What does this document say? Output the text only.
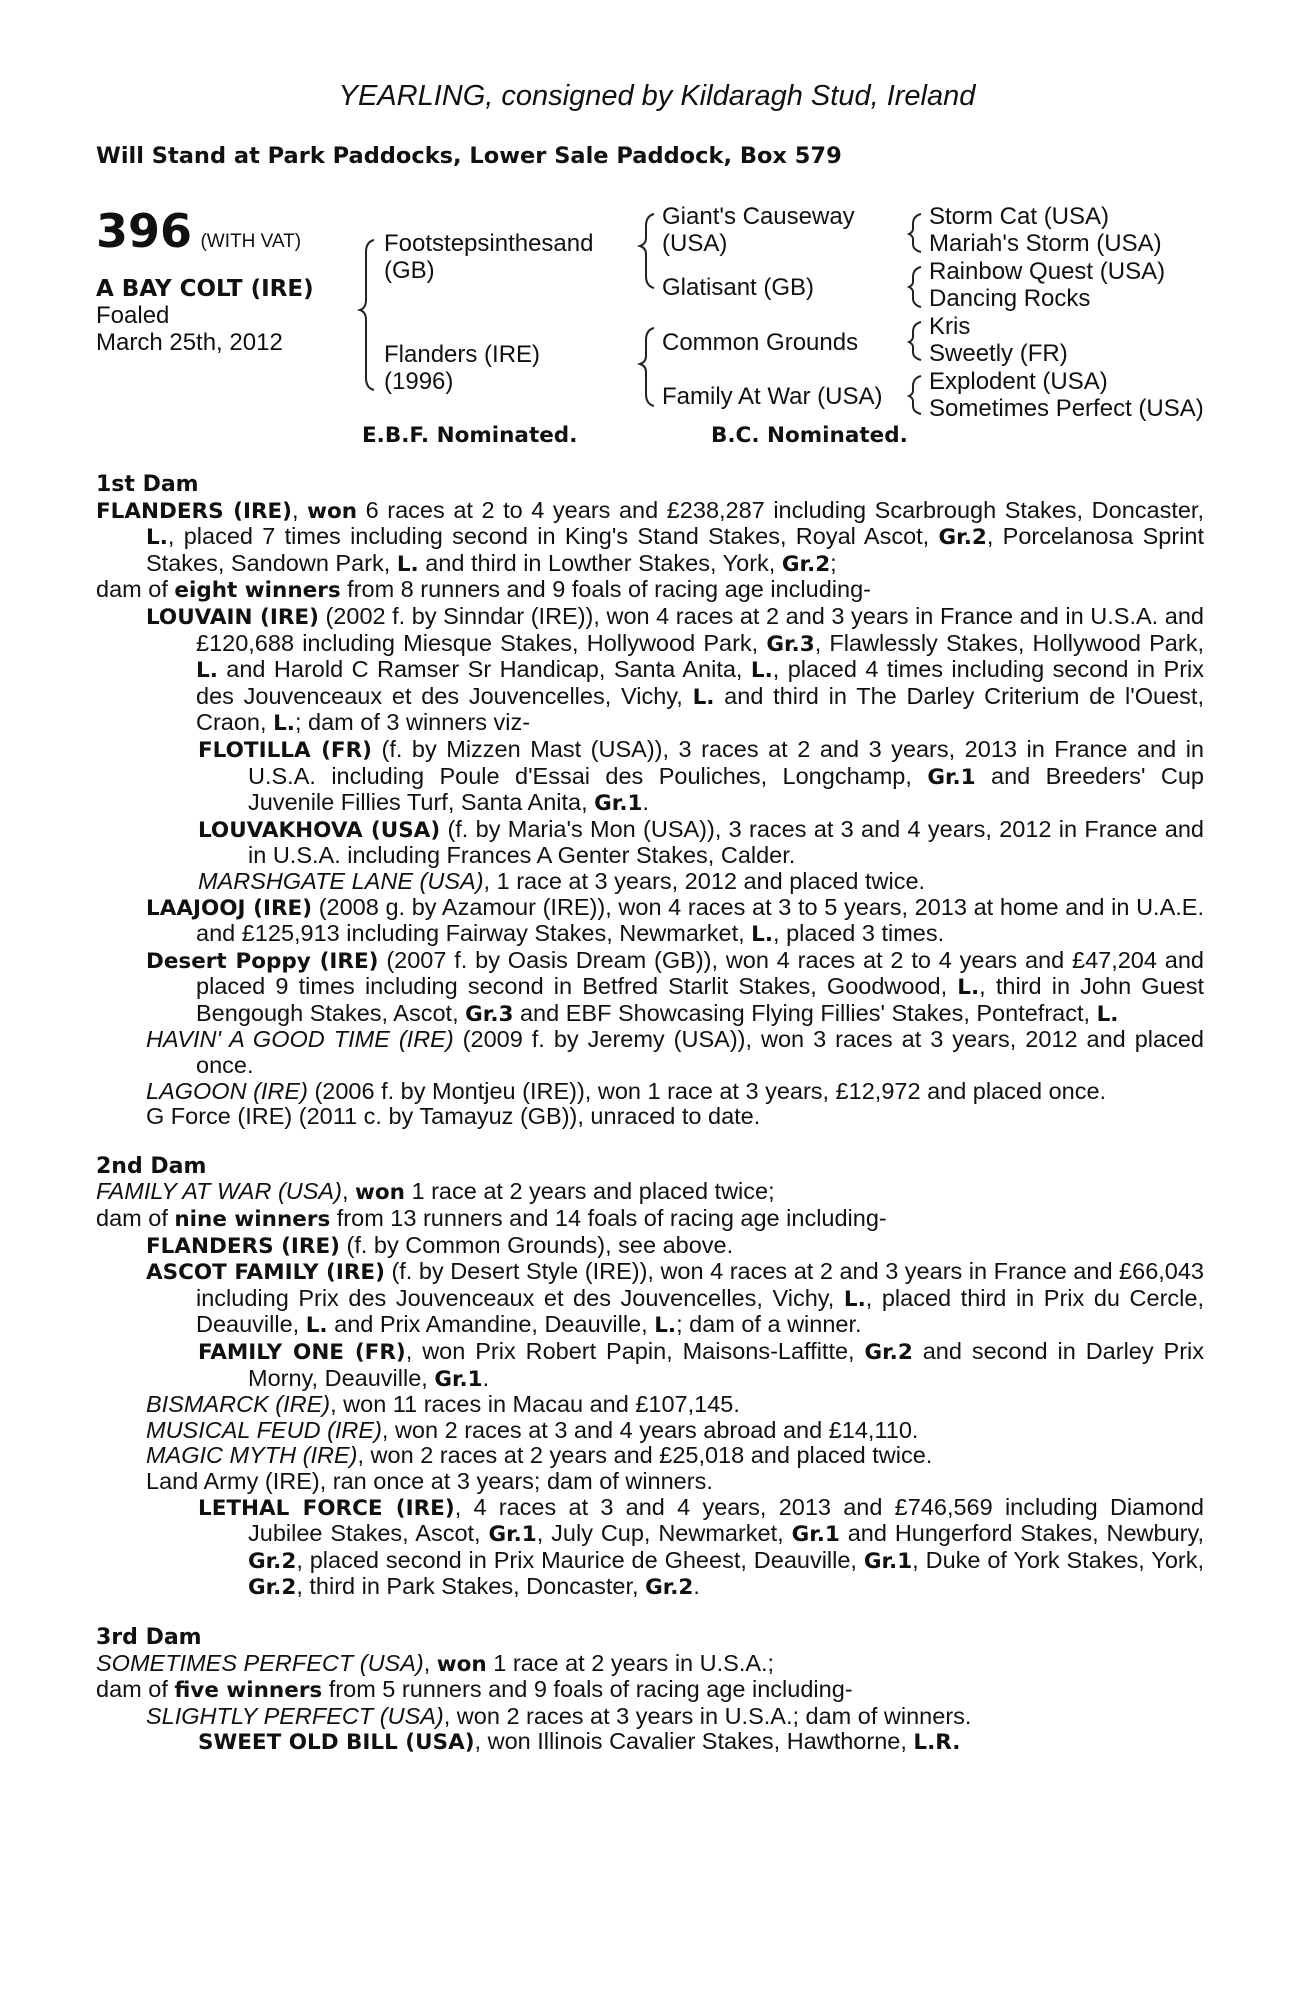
YEARLING, consigned by Kildaragh Stud, Ireland
Will Stand at Park Paddocks, Lower Sale Paddock, Box 579
396 (WITH VAT)
A BAY COLT (IRE)
Foaled
March 25th, 2012
Footstepsinthesand
(GB)
Flanders (IRE)
(1996)
Giant's Causeway
(USA)
Glatisant (GB)
Common Grounds
Family At War (USA)
Storm Cat (USA)
Mariah's Storm (USA)
Rainbow Quest (USA)
Dancing Rocks
Kris
Sweetly (FR)
Explodent (USA)
Sometimes Perfect (USA)
E.B.F. Nominated.	B.C. Nominated.
1st Dam
FLANDERS (IRE), won 6 races at 2 to 4 years and £238,287 including Scarbrough Stakes, Doncaster, L., placed 7 times including second in King's Stand Stakes, Royal Ascot, Gr.2, Porcelanosa Sprint Stakes, Sandown Park, L. and third in Lowther Stakes, York, Gr.2;
dam of eight winners from 8 runners and 9 foals of racing age including-
LOUVAIN (IRE) (2002 f. by Sinndar (IRE)), won 4 races at 2 and 3 years in France and in U.S.A. and £120,688 including Miesque Stakes, Hollywood Park, Gr.3, Flawlessly Stakes, Hollywood Park, L. and Harold C Ramser Sr Handicap, Santa Anita, L., placed 4 times including second in Prix des Jouvenceaux et des Jouvencelles, Vichy, L. and third in The Darley Criterium de l'Ouest, Craon, L.; dam of 3 winners viz-
FLOTILLA (FR) (f. by Mizzen Mast (USA)), 3 races at 2 and 3 years, 2013 in France and in U.S.A. including Poule d'Essai des Pouliches, Longchamp, Gr.1 and Breeders' Cup Juvenile Fillies Turf, Santa Anita, Gr.1.
LOUVAKHOVA (USA) (f. by Maria's Mon (USA)), 3 races at 3 and 4 years, 2012 in France and in U.S.A. including Frances A Genter Stakes, Calder.
MARSHGATE LANE (USA), 1 race at 3 years, 2012 and placed twice.
LAAJOOJ (IRE) (2008 g. by Azamour (IRE)), won 4 races at 3 to 5 years, 2013 at home and in U.A.E. and £125,913 including Fairway Stakes, Newmarket, L., placed 3 times.
Desert Poppy (IRE) (2007 f. by Oasis Dream (GB)), won 4 races at 2 to 4 years and £47,204 and placed 9 times including second in Betfred Starlit Stakes, Goodwood, L., third in John Guest Bengough Stakes, Ascot, Gr.3 and EBF Showcasing Flying Fillies' Stakes, Pontefract, L.
HAVIN' A GOOD TIME (IRE) (2009 f. by Jeremy (USA)), won 3 races at 3 years, 2012 and placed once.
LAGOON (IRE) (2006 f. by Montjeu (IRE)), won 1 race at 3 years, £12,972 and placed once.
G Force (IRE) (2011 c. by Tamayuz (GB)), unraced to date.
2nd Dam
FAMILY AT WAR (USA), won 1 race at 2 years and placed twice;
dam of nine winners from 13 runners and 14 foals of racing age including-
FLANDERS (IRE) (f. by Common Grounds), see above.
ASCOT FAMILY (IRE) (f. by Desert Style (IRE)), won 4 races at 2 and 3 years in France and £66,043 including Prix des Jouvenceaux et des Jouvencelles, Vichy, L., placed third in Prix du Cercle, Deauville, L. and Prix Amandine, Deauville, L.; dam of a winner.
FAMILY ONE (FR), won Prix Robert Papin, Maisons-Laffitte, Gr.2 and second in Darley Prix Morny, Deauville, Gr.1.
BISMARCK (IRE), won 11 races in Macau and £107,145.
MUSICAL FEUD (IRE), won 2 races at 3 and 4 years abroad and £14,110.
MAGIC MYTH (IRE), won 2 races at 2 years and £25,018 and placed twice.
Land Army (IRE), ran once at 3 years; dam of winners.
LETHAL FORCE (IRE), 4 races at 3 and 4 years, 2013 and £746,569 including Diamond Jubilee Stakes, Ascot, Gr.1, July Cup, Newmarket, Gr.1 and Hungerford Stakes, Newbury, Gr.2, placed second in Prix Maurice de Gheest, Deauville, Gr.1, Duke of York Stakes, York, Gr.2, third in Park Stakes, Doncaster, Gr.2.
3rd Dam
SOMETIMES PERFECT (USA), won 1 race at 2 years in U.S.A.;
dam of five winners from 5 runners and 9 foals of racing age including-
SLIGHTLY PERFECT (USA), won 2 races at 3 years in U.S.A.; dam of winners.
SWEET OLD BILL (USA), won Illinois Cavalier Stakes, Hawthorne, L.R.
